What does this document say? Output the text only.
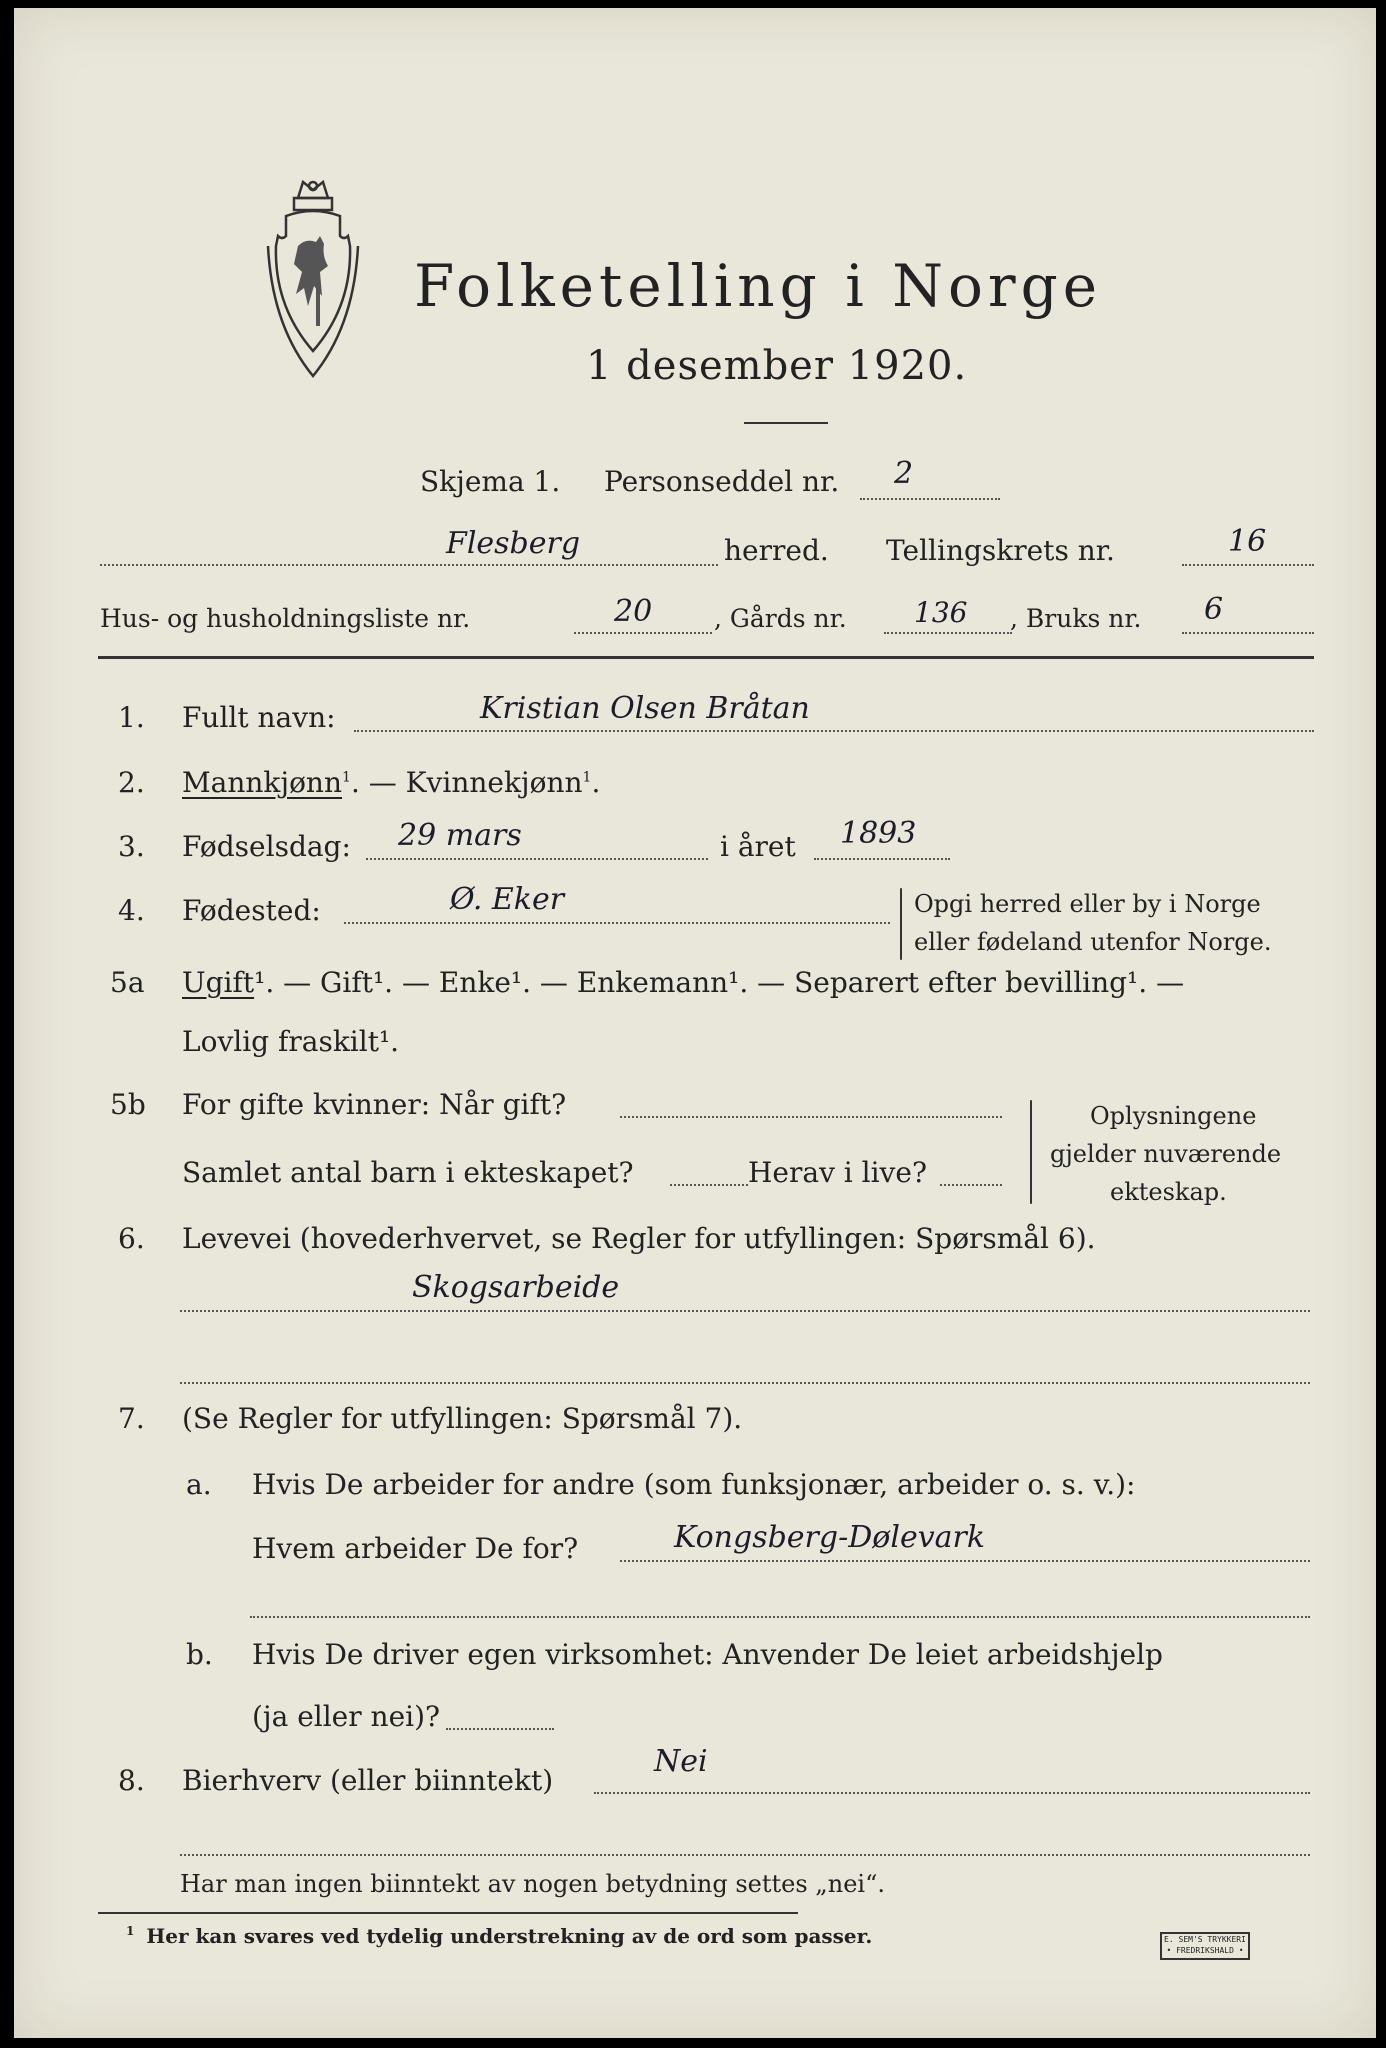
Folketelling i Norge
1 desember 1920.
Skjema 1. Personseddel nr. 2
Flesberg	herred. Tellingskrets nr.	16
Hus- og husholdningsliste nr.	20 , Gårds nr. 136 , Bruks nr. 6
1. Fullt navn:	Kristian Olsen Bråtan
2. Mannkjønn$^1$. — Kvinnekjønn$^1$.
3. Fødselsdag: 29 mars	i året 1893
4. Fødested:	Ø. Eker	Opgi herred eller by i Norge
eller fødeland utenfor Norge.
5a Ugift¹. — Gift¹. — Enke¹. — Enkemann¹. — Separert efter bevilling¹. —
Lovlig fraskilt¹.
5b For gifte kvinner: Når gift?
Samlet antal barn i ekteskapet?	Herav i live?
Oplysningene
gjelder nuværende
ekteskap.
6. Levevei (hovederhvervet, se Regler for utfyllingen: Spørsmål 6).
Skogsarbeide
7. (Se Regler for utfyllingen: Spørsmål 7).
a. Hvis De arbeider for andre (som funksjonær, arbeider o. s. v.):
Hvem arbeider De for?	Kongsberg-Dølevark
b. Hvis De driver egen virksomhet: Anvender De leiet arbeidshjelp
(ja eller nei)?
8. Bierhverv (eller biinntekt)
Nei
Har man ingen biinntekt av nogen betydning settes „nei“.
$^1$ Her kan svares ved tydelig understrekning av de ord som passer.	E. SEM'S TRYKKERI
• FREDRIKSHALD •
